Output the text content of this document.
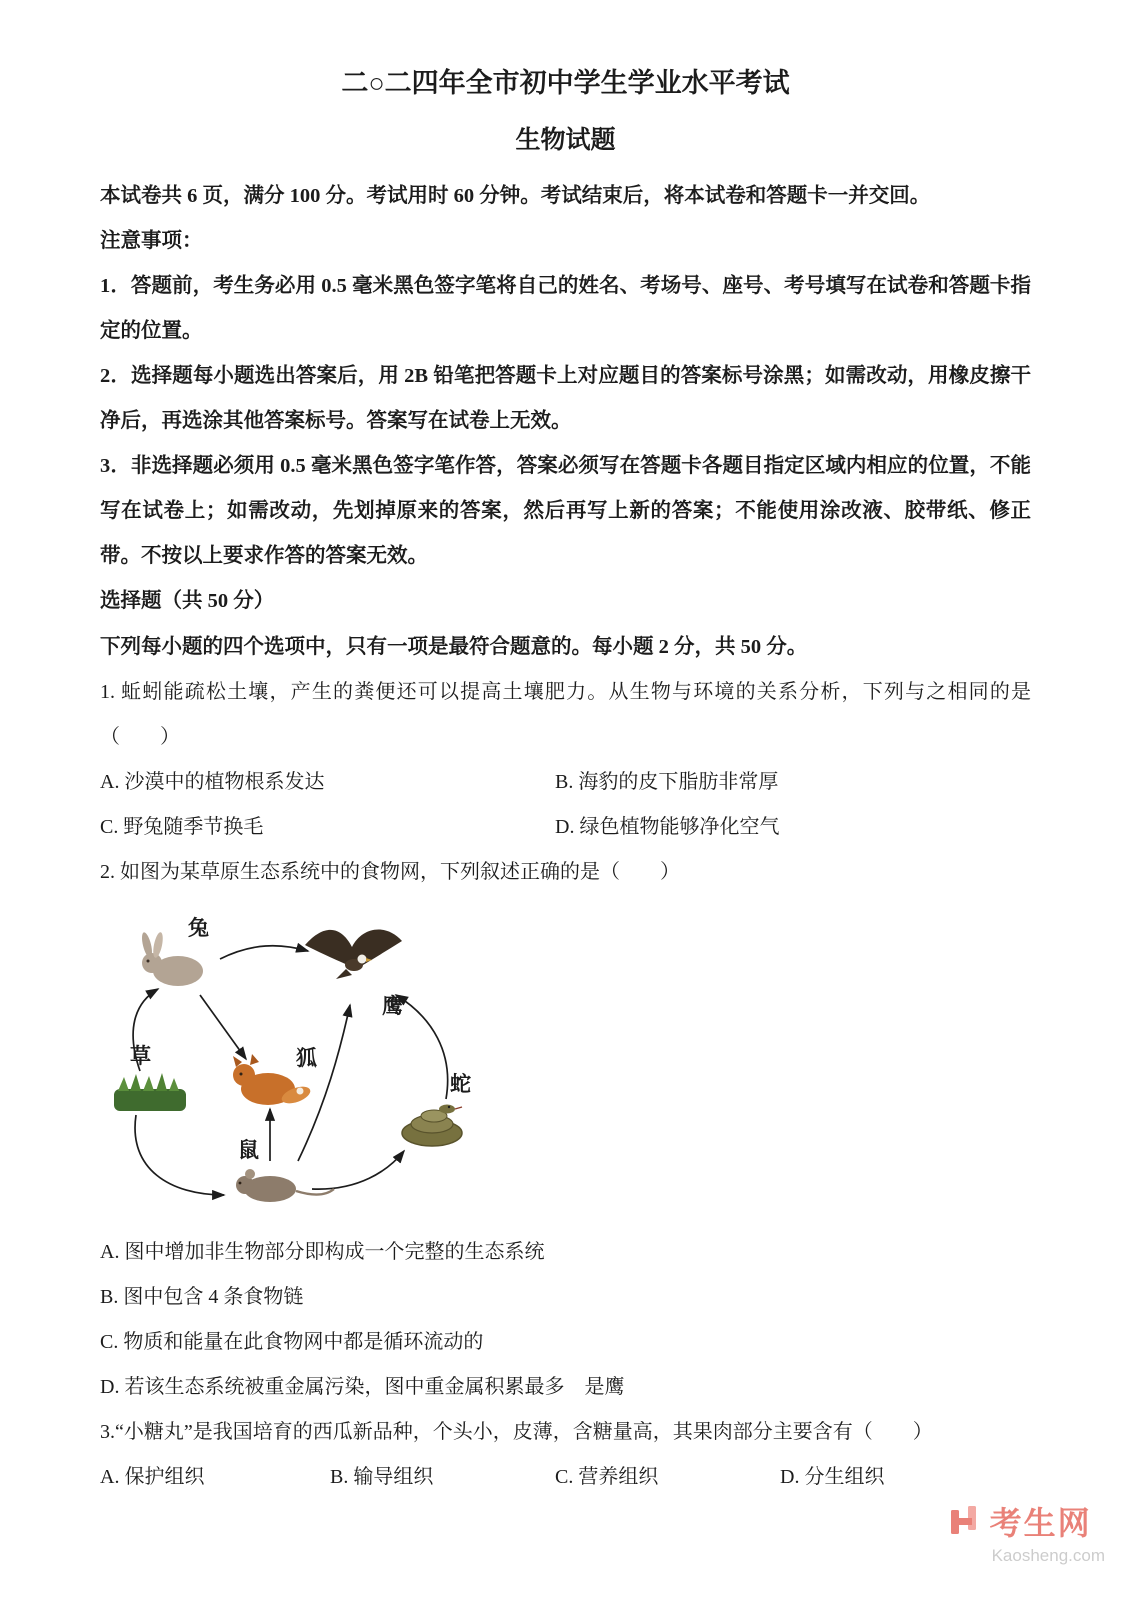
二○二四年全市初中学生学业水平考试
生物试题

本试卷共 6 页，满分 100 分。考试用时 60 分钟。考试结束后，将本试卷和答题卡一并交回。

注意事项：

1．答题前，考生务必用 0.5 毫米黑色签字笔将自己的姓名、考场号、座号、考号填写在试卷和答题卡指定的位置。

2．选择题每小题选出答案后，用 2B 铅笔把答题卡上对应题目的答案标号涂黑；如需改动，用橡皮擦干净后，再选涂其他答案标号。答案写在试卷上无效。

3．非选择题必须用 0.5 毫米黑色签字笔作答，答案必须写在答题卡各题目指定区域内相应的位置，不能写在试卷上；如需改动，先划掉原来的答案，然后再写上新的答案；不能使用涂改液、胶带纸、修正带。不按以上要求作答的答案无效。

选择题（共 50 分）

下列每小题的四个选项中，只有一项是最符合题意的。每小题 2 分，共 50 分。

1. 蚯蚓能疏松土壤，产生的粪便还可以提高土壤肥力。从生物与环境的关系分析，下列与之相同的是（　　）

A. 沙漠中的植物根系发达	B. 海豹的皮下脂肪非常厚
C. 野兔随季节换毛	D. 绿色植物能够净化空气

2. 如图为某草原生态系统中的食物网，下列叙述正确的是（　　）

兔
鹰
草	狐
蛇
鼠
A. 图中增加非生物部分即构成一个完整的生态系统
B. 图中包含 4 条食物链
C. 物质和能量在此食物网中都是循环流动的
D. 若该生态系统被重金属污染，图中重金属积累最多　是鹰

3.“小糖丸”是我国培育的西瓜新品种，个头小，皮薄，含糖量高，其果肉部分主要含有（　　）

A. 保护组织	B. 输导组织	C. 营养组织	D. 分生组织
考生网
Kaosheng.com
